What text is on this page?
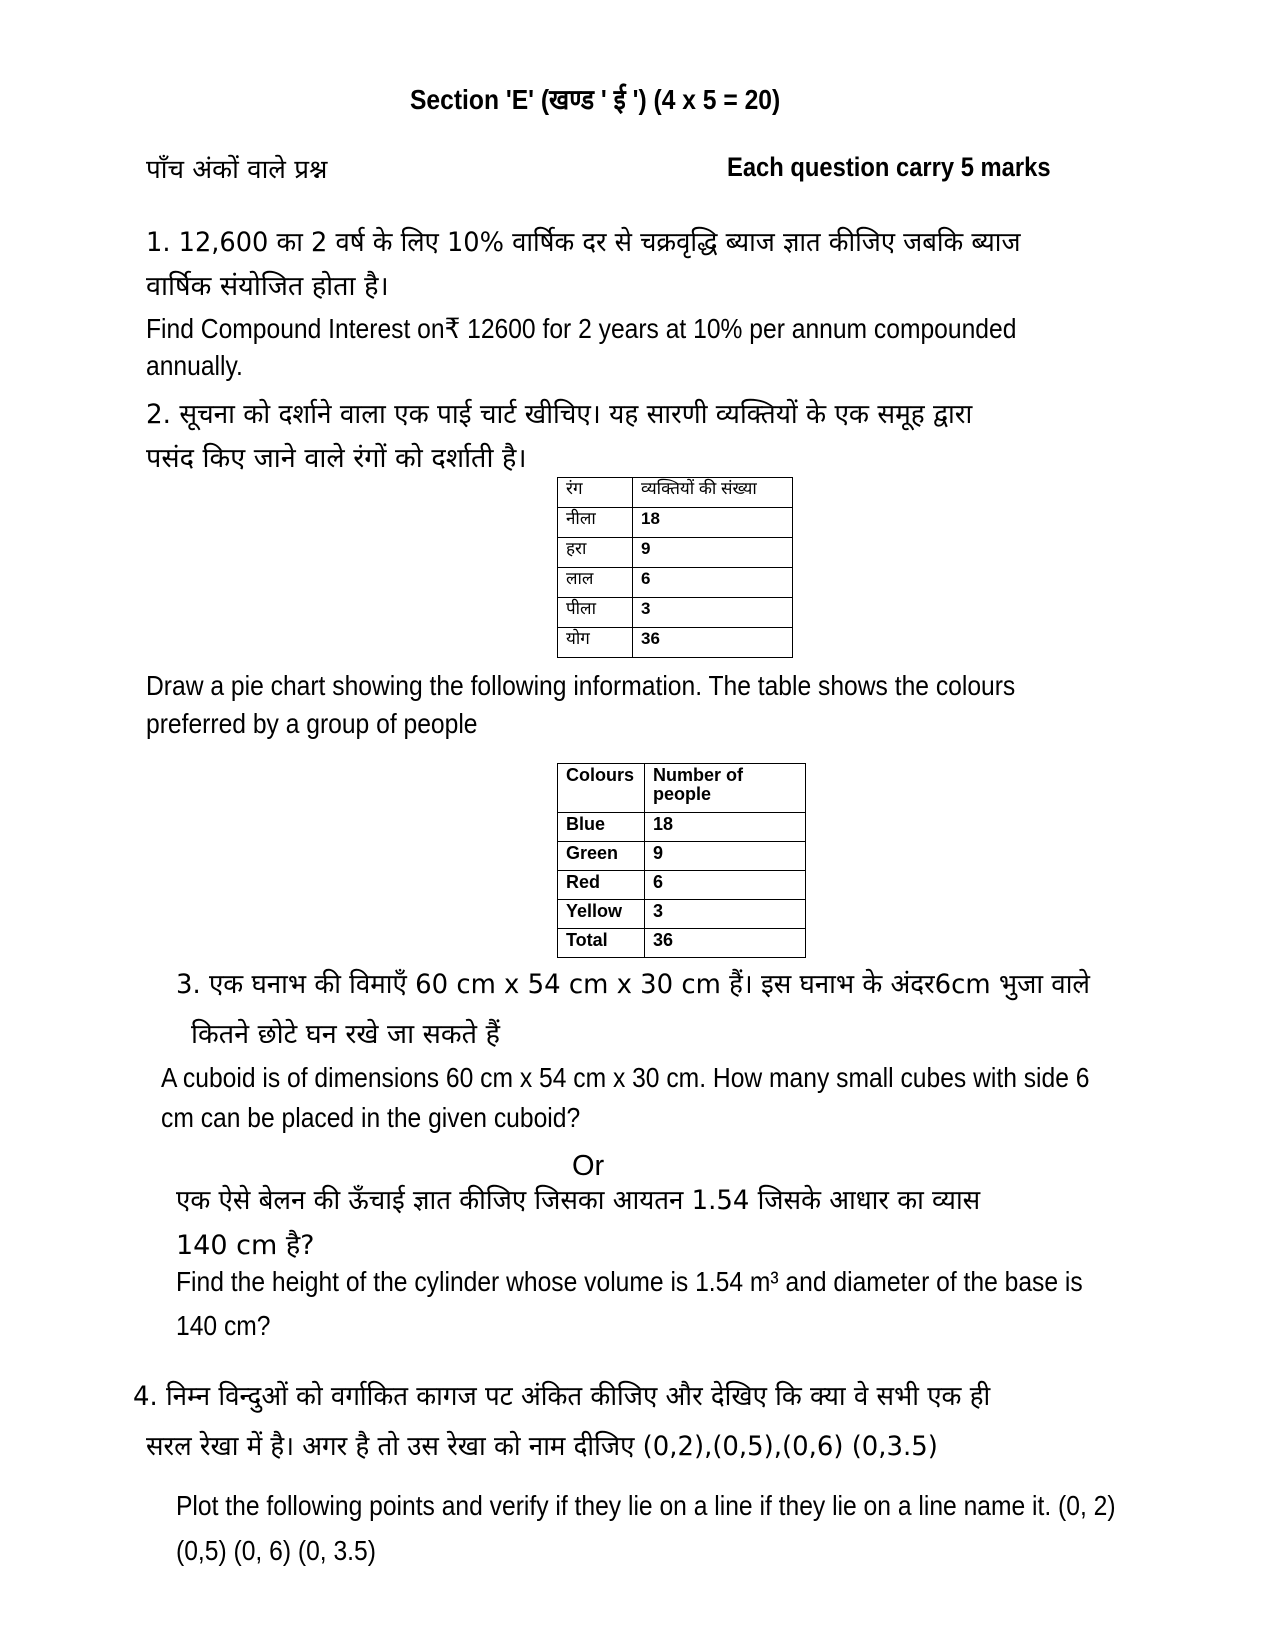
Section 'E' (खण्ड ' ई ') (4 x 5 = 20)
पाँच अंकों वाले प्रश्न	Each question carry 5 marks
1. 12,600 का 2 वर्ष के लिए 10% वार्षिक दर से चक्रवृद्धि ब्याज ज्ञात कीजिए जबकि ब्याज
वार्षिक संयोजित होता है।
Find Compound Interest on₹ 12600 for 2 years at 10% per annum compounded
annually.
2. सूचना को दर्शाने वाला एक पाई चार्ट खीचिए। यह सारणी व्यक्तियों के एक समूह द्वारा
पसंद किए जाने वाले रंगों को दर्शाती है।
रंग	व्यक्तियों की संख्या
नीला	18
हरा	9
लाल	6
पीला	3
योग	36
Draw a pie chart showing the following information. The table shows the colours
preferred by a group of people
Colours	Number of people
Blue	18
Green	9
Red	6
Yellow	3
Total	36
3. एक घनाभ की विमाएँ 60 cm x 54 cm x 30 cm हैं। इस घनाभ के अंदर6cm भुजा वाले
कितने छोटे घन रखे जा सकते हैं
A cuboid is of dimensions 60 cm x 54 cm x 30 cm. How many small cubes with side 6
cm can be placed in the given cuboid?
Or
एक ऐसे बेलन की ऊँचाई ज्ञात कीजिए जिसका आयतन 1.54 जिसके आधार का व्यास
140 cm है?
Find the height of the cylinder whose volume is 1.54 m³ and diameter of the base is
140 cm?
4. निम्न विन्दुओं को वर्गाकित कागज पट अंकित कीजिए और देखिए कि क्या वे सभी एक ही
सरल रेखा में है। अगर है तो उस रेखा को नाम दीजिए (0,2),(0,5),(0,6) (0,3.5)
Plot the following points and verify if they lie on a line if they lie on a line name it. (0, 2)
(0,5) (0, 6) (0, 3.5)
